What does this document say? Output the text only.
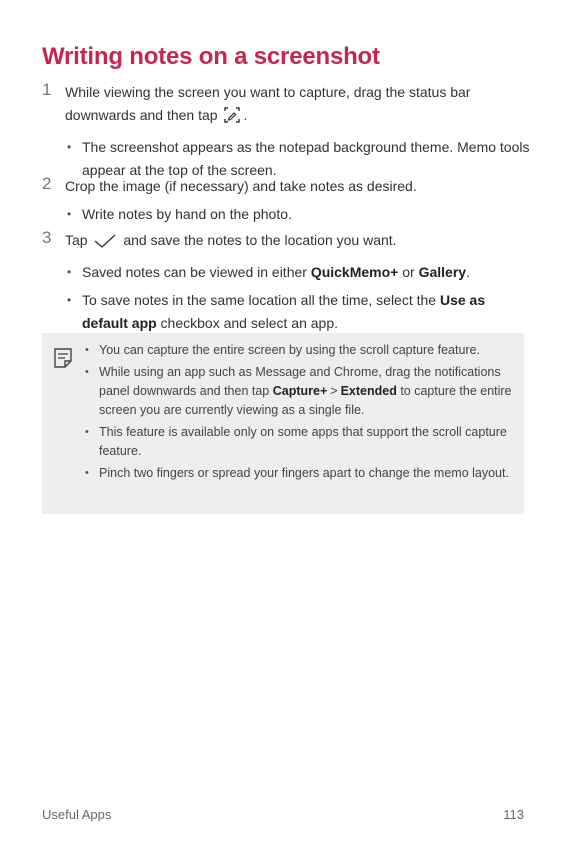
Writing notes on a screenshot
1 While viewing the screen you want to capture, drag the status bar downwards and then tap .
• The screenshot appears as the notepad background theme. Memo tools appear at the top of the screen.
2 Crop the image (if necessary) and take notes as desired.
• Write notes by hand on the photo.
3 Tap	and save the notes to the location you want.
• Saved notes can be viewed in either QuickMemo+ or Gallery.
• To save notes in the same location all the time, select the Use as default app checkbox and select an app.
• You can capture the entire screen by using the scroll capture feature.
• While using an app such as Message and Chrome, drag the notifications panel downwards and then tap Capture+ > Extended to capture the entire screen you are currently viewing as a single file.
• This feature is available only on some apps that support the scroll capture feature.
• Pinch two fingers or spread your fingers apart to change the memo layout.
Useful Apps	113
